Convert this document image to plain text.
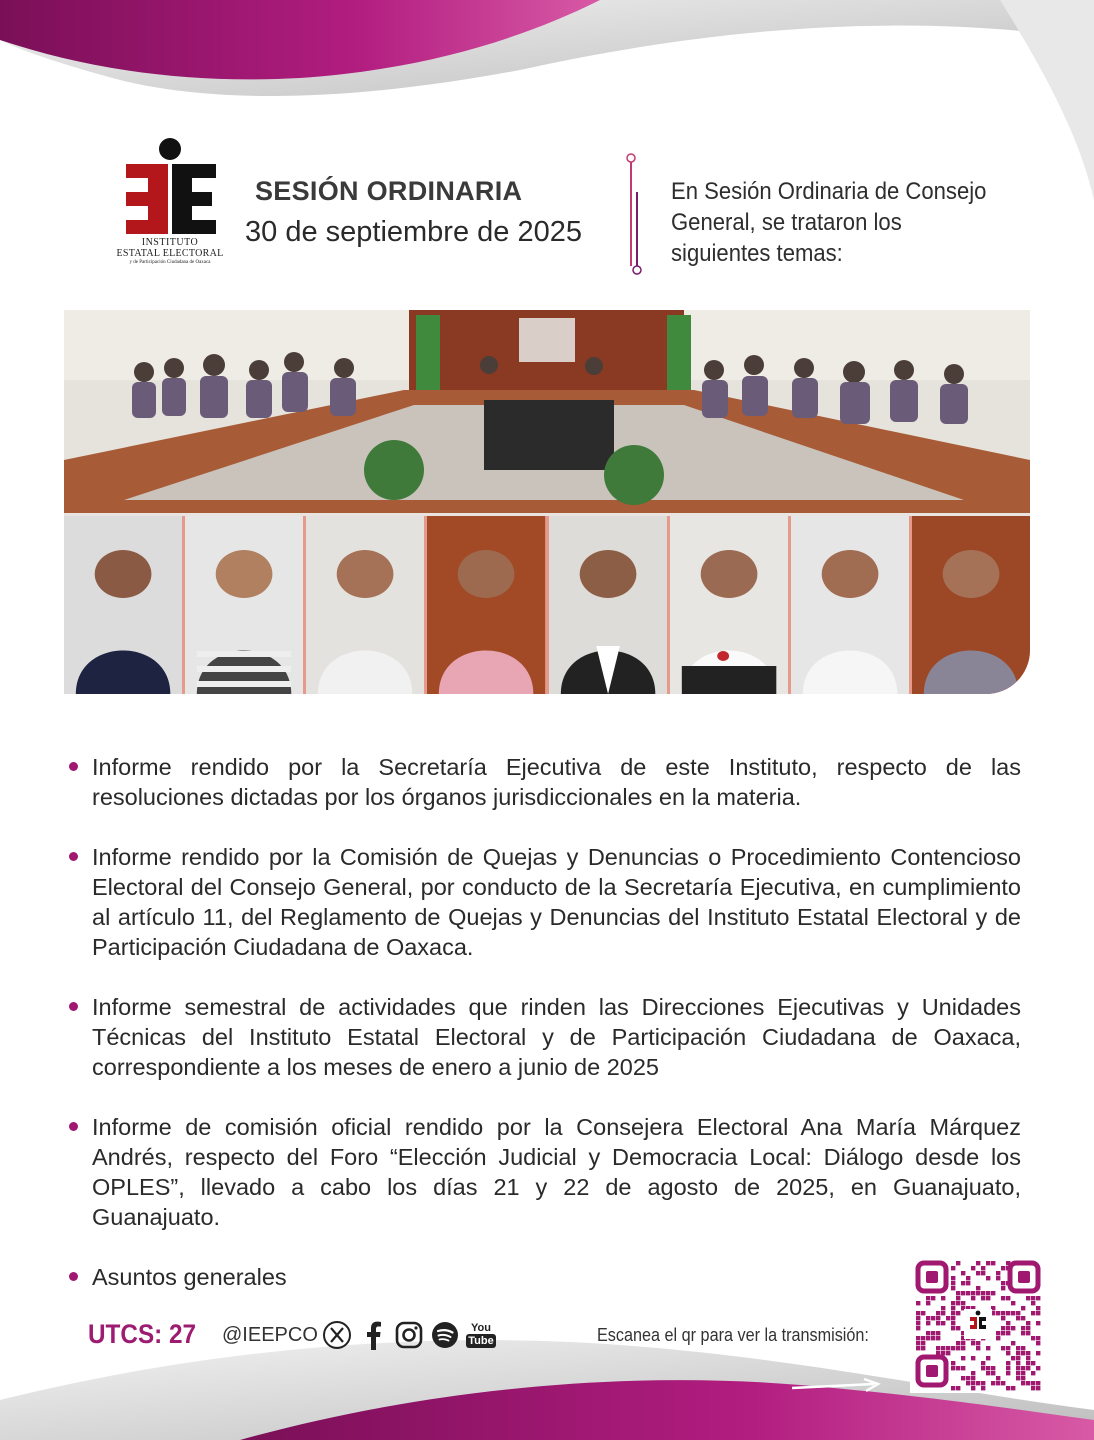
INSTITUTO
ESTATAL ELECTORAL
y de Participación Ciudadana de Oaxaca
SESIÓN ORDINARIA
30 de septiembre de 2025
En Sesión Ordinaria de Consejo General, se trataron los siguientes temas:
Informe rendido por la Secretaría Ejecutiva de este Instituto, respecto de las resoluciones dictadas por los órganos jurisdiccionales en la materia.
Informe rendido por la Comisión de Quejas y Denuncias o Procedimiento Contencioso Electoral del Consejo General, por conducto de la Secretaría Ejecutiva, en cumplimiento al artículo 11, del Reglamento de Quejas y Denuncias del Instituto Estatal Electoral y de Participación Ciudadana de Oaxaca.
Informe semestral de actividades que rinden las Direcciones Ejecutivas y Unidades Técnicas del Instituto Estatal Electoral y de Participación Ciudadana de Oaxaca, correspondiente a los meses de enero a junio de 2025
Informe de comisión oficial rendido por la Consejera Electoral Ana María Márquez Andrés, respecto del Foro “Elección Judicial y Democracia Local: Diálogo desde los OPLES”, llevado a cabo los días 21 y 22 de agosto de 2025, en Guanajuato, Guanajuato.
Asuntos generales
UTCS: 27 @IEEPCO	You
Tube	Escanea el qr para ver la transmisión:
